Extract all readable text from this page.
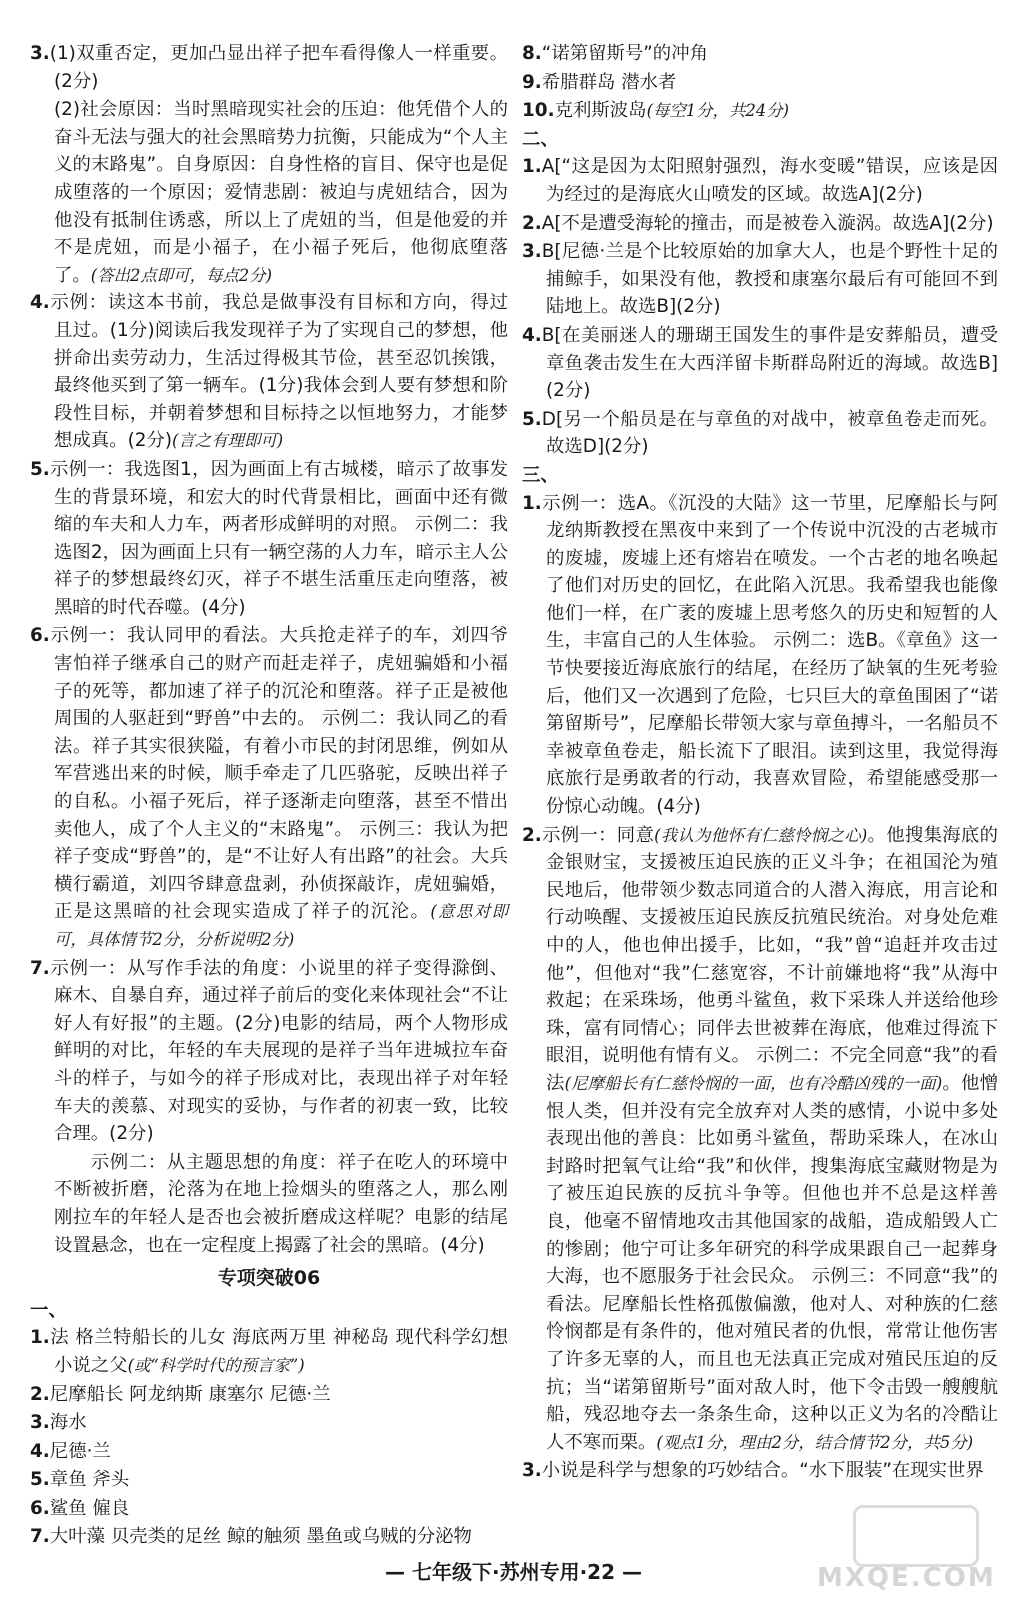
3.(1)双重否定，更加凸显出祥子把车看得像人一样重要。(2分)

(2)社会原因：当时黑暗现实社会的压迫：他凭借个人的奋斗无法与强大的社会黑暗势力抗衡，只能成为“个人主义的末路鬼”。自身原因：自身性格的盲目、保守也是促成堕落的一个原因；爱情悲剧：被迫与虎妞结合，因为他没有抵制住诱惑，所以上了虎妞的当，但是他爱的并不是虎妞，而是小福子，在小福子死后，他彻底堕落了。(答出2点即可，每点2分)

4.示例：读这本书前，我总是做事没有目标和方向，得过且过。(1分)阅读后我发现祥子为了实现自己的梦想，他拼命出卖劳动力，生活过得极其节俭，甚至忍饥挨饿，最终他买到了第一辆车。(1分)我体会到人要有梦想和阶段性目标，并朝着梦想和目标持之以恒地努力，才能梦想成真。(2分)(言之有理即可)

5.示例一：我选图1，因为画面上有古城楼，暗示了故事发生的背景环境，和宏大的时代背景相比，画面中还有微缩的车夫和人力车，两者形成鲜明的对照。 示例二：我选图2，因为画面上只有一辆空荡的人力车，暗示主人公祥子的梦想最终幻灭，祥子不堪生活重压走向堕落，被黑暗的时代吞噬。(4分)

6.示例一：我认同甲的看法。大兵抢走祥子的车，刘四爷害怕祥子继承自己的财产而赶走祥子，虎妞骗婚和小福子的死等，都加速了祥子的沉沦和堕落。祥子正是被他周围的人驱赶到“野兽”中去的。 示例二：我认同乙的看法。祥子其实很狭隘，有着小市民的封闭思维，例如从军营逃出来的时候，顺手牵走了几匹骆驼，反映出祥子的自私。小福子死后，祥子逐渐走向堕落，甚至不惜出卖他人，成了个人主义的“末路鬼”。 示例三：我认为把祥子变成“野兽”的，是“不让好人有出路”的社会。大兵横行霸道，刘四爷肆意盘剥，孙侦探敲诈，虎妞骗婚，正是这黑暗的社会现实造成了祥子的沉沦。(意思对即可，具体情节2分，分析说明2分)

7.示例一：从写作手法的角度：小说里的祥子变得滁倒、麻木、自暴自弃，通过祥子前后的变化来体现社会“不让好人有好报”的主题。(2分)电影的结局，两个人物形成鲜明的对比，年轻的车夫展现的是祥子当年进城拉车奋斗的样子，与如今的祥子形成对比，表现出祥子对年轻车夫的羡慕、对现实的妥协，与作者的初衷一致，比较合理。(2分)

示例二：从主题思想的角度：祥子在吃人的环境中不断被折磨，沦落为在地上捡烟头的堕落之人，那么刚刚拉车的年轻人是否也会被折磨成这样呢？电影的结尾设置悬念，也在一定程度上揭露了社会的黑暗。(4分)

专项突破06

一、

1.法 格兰特船长的儿女 海底两万里 神秘岛 现代科学幻想小说之父(或“科学时代的预言家”)

2.尼摩船长 阿龙纳斯 康塞尔 尼德·兰

3.海水

4.尼德·兰

5.章鱼 斧头

6.鲨鱼 僱良

7.大叶藻 贝壳类的足丝 鲸的触须 墨鱼或乌贼的分泌物

8.“诺第留斯号”的冲角

9.希腊群岛 潜水者

10.克利斯波岛(每空1分，共24分)

二、

1.A[“这是因为太阳照射强烈，海水变暖”错误，应该是因为经过的是海底火山喷发的区域。故选A](2分)

2.A[不是遭受海轮的撞击，而是被卷入漩涡。故选A](2分)

3.B[尼德·兰是个比较原始的加拿大人，也是个野性十足的捕鲸手，如果没有他，教授和康塞尔最后有可能回不到陆地上。故选B](2分)

4.B[在美丽迷人的珊瑚王国发生的事件是安葬船员，遭受章鱼袭击发生在大西洋留卡斯群岛附近的海域。故选B](2分)

5.D[另一个船员是在与章鱼的对战中，被章鱼卷走而死。故选D](2分)

三、

1.示例一：选A。《沉没的大陆》这一节里，尼摩船长与阿龙纳斯教授在黑夜中来到了一个传说中沉没的古老城市的废墟，废墟上还有熔岩在喷发。一个古老的地名唤起了他们对历史的回忆，在此陷入沉思。我希望我也能像他们一样，在广袤的废墟上思考悠久的历史和短暂的人生，丰富自己的人生体验。 示例二：选B。《章鱼》这一节快要接近海底旅行的结尾，在经历了缺氧的生死考验后，他们又一次遇到了危险，七只巨大的章鱼围困了“诺第留斯号”，尼摩船长带领大家与章鱼搏斗，一名船员不幸被章鱼卷走，船长流下了眼泪。读到这里，我觉得海底旅行是勇敢者的行动，我喜欢冒险，希望能感受那一份惊心动魄。(4分)

2.示例一：同意(我认为他怀有仁慈怜悯之心)。他搜集海底的金银财宝，支援被压迫民族的正义斗争；在祖国沦为殖民地后，他带领少数志同道合的人潜入海底，用言论和行动唤醒、支援被压迫民族反抗殖民统治。对身处危难中的人，他也伸出援手，比如，“我”曾“追赶并攻击过他”，但他对“我”仁慈宽容，不计前嫌地将“我”从海中救起；在采珠场，他勇斗鲨鱼，救下采珠人并送给他珍珠，富有同情心；同伴去世被葬在海底，他难过得流下眼泪，说明他有情有义。 示例二：不完全同意“我”的看法(尼摩船长有仁慈怜悯的一面，也有冷酷凶残的一面)。他憎恨人类，但并没有完全放弃对人类的感情，小说中多处表现出他的善良：比如勇斗鲨鱼，帮助采珠人，在冰山封路时把氧气让给“我”和伙伴，搜集海底宝藏财物是为了被压迫民族的反抗斗争等。但他也并不总是这样善良，他毫不留情地攻击其他国家的战船，造成船毁人亡的惨剧；他宁可让多年研究的科学成果跟自己一起葬身大海，也不愿服务于社会民众。 示例三：不同意“我”的看法。尼摩船长性格孤傲偏激，他对人、对种族的仁慈怜悯都是有条件的，他对殖民者的仇恨，常常让他伤害了许多无辜的人，而且也无法真正完成对殖民压迫的反抗；当“诺第留斯号”面对敌人时，他下令击毁一艘艘航船，残忍地夺去一条条生命，这种以正义为名的冷酷让人不寒而栗。(观点1分，理由2分，结合情节2分，共5分)

3.小说是科学与想象的巧妙结合。“水下服装”在现实世界

— 七年级下·苏州专用·22 —	MXQE.COM
